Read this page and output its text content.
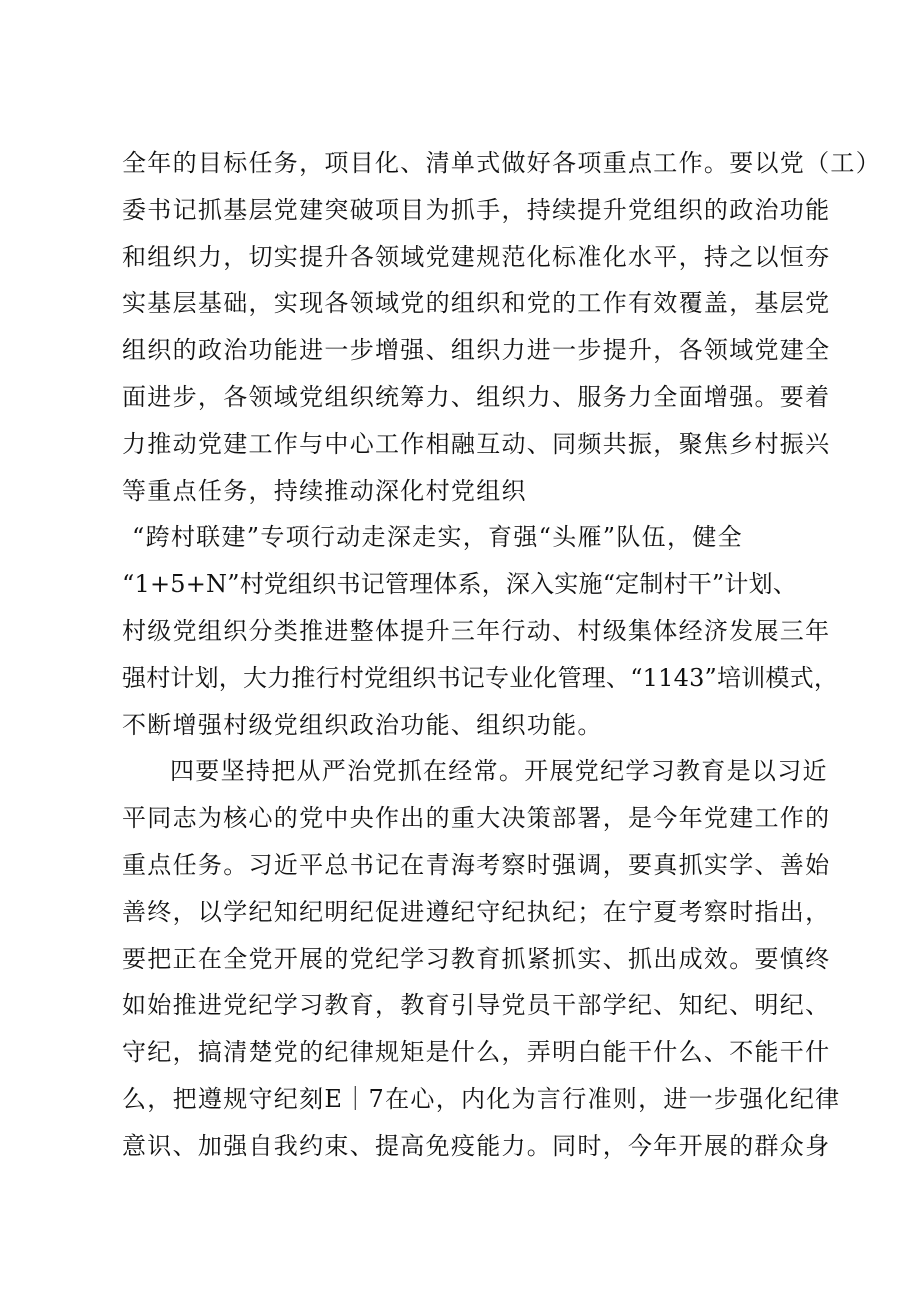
全年的目标任务，项目化、清单式做好各项重点工作。要以党（工）
委书记抓基层党建突破项目为抓手，持续提升党组织的政治功能
和组织力，切实提升各领域党建规范化标准化水平，持之以恒夯
实基层基础，实现各领域党的组织和党的工作有效覆盖，基层党
组织的政治功能进一步增强、组织力进一步提升，各领域党建全
面进步，各领域党组织统筹力、组织力、服务力全面增强。要着
力推动党建工作与中心工作相融互动、同频共振，聚焦乡村振兴
等重点任务，持续推动深化村党组织
“跨村联建”专项行动走深走实，育强“头雁”队伍，健全
“1+5+N”村党组织书记管理体系，深入实施“定制村干”计划、
村级党组织分类推进整体提升三年行动、村级集体经济发展三年
强村计划，大力推行村党组织书记专业化管理、“1143”培训模式，
不断增强村级党组织政治功能、组织功能。
四要坚持把从严治党抓在经常。开展党纪学习教育是以习近
平同志为核心的党中央作出的重大决策部署，是今年党建工作的
重点任务。习近平总书记在青海考察时强调，要真抓实学、善始
善终，以学纪知纪明纪促进遵纪守纪执纪；在宁夏考察时指出，
要把正在全党开展的党纪学习教育抓紧抓实、抓出成效。要慎终
如始推进党纪学习教育，教育引导党员干部学纪、知纪、明纪、
守纪，搞清楚党的纪律规矩是什么，弄明白能干什么、不能干什
么，把遵规守纪刻E｜7在心，内化为言行准则，进一步强化纪律
意识、加强自我约束、提高免疫能力。同时，今年开展的群众身
